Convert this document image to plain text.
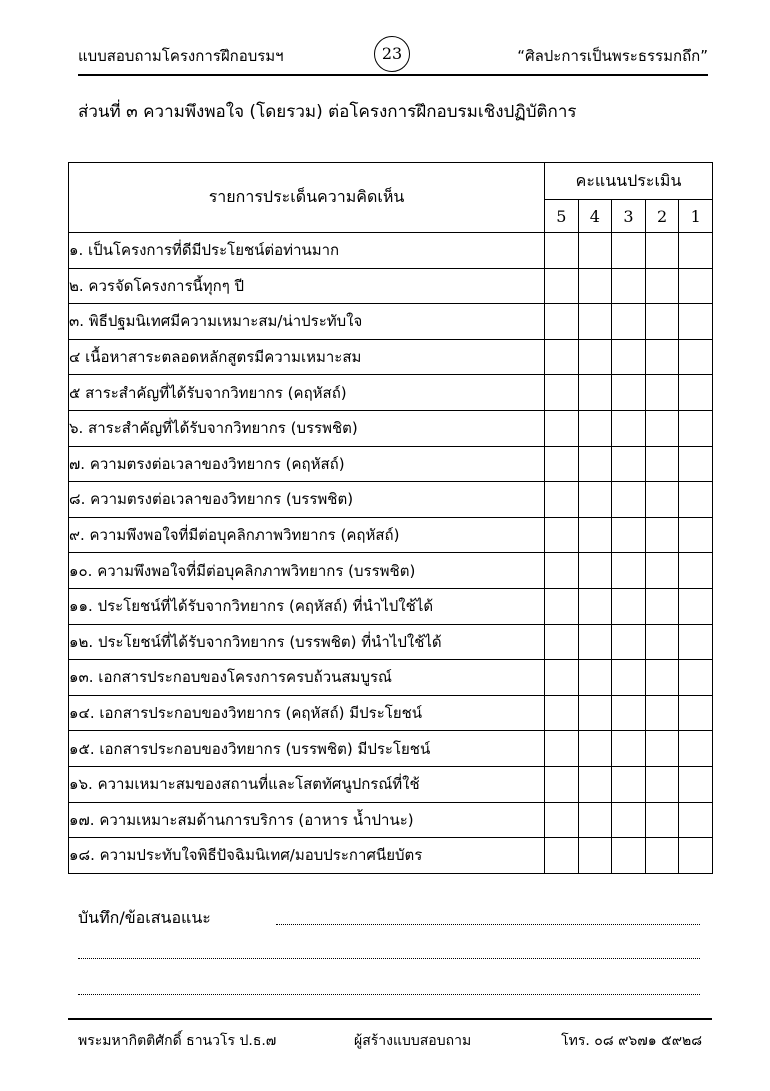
แบบสอบถามโครงการฝึกอบรมฯ	23	“ศิลปะการเป็นพระธรรมกถึก”
ส่วนที่ ๓ ความพึงพอใจ (โดยรวม) ต่อโครงการฝึกอบรมเชิงปฏิบัติการ
รายการประเด็นความคิดเห็น	คะแนนประเมิน				
	5	4	3	2	1
๑. เป็นโครงการที่ดีมีประโยชน์ต่อท่านมาก					
๒. ควรจัดโครงการนี้ทุกๆ ปี					
๓. พิธีปฐมนิเทศมีความเหมาะสม/น่าประทับใจ					
๔ เนื้อหาสาระตลอดหลักสูตรมีความเหมาะสม					
๕ สาระสำคัญที่ได้รับจากวิทยากร (คฤหัสถ์)					
๖. สาระสำคัญที่ได้รับจากวิทยากร (บรรพชิต)					
๗. ความตรงต่อเวลาของวิทยากร (คฤหัสถ์)					
๘. ความตรงต่อเวลาของวิทยากร (บรรพชิต)					
๙. ความพึงพอใจที่มีต่อบุคลิกภาพวิทยากร (คฤหัสถ์)					
๑๐. ความพึงพอใจที่มีต่อบุคลิกภาพวิทยากร (บรรพชิต)					
๑๑. ประโยชน์ที่ได้รับจากวิทยากร (คฤหัสถ์) ที่นำไปใช้ได้					
๑๒. ประโยชน์ที่ได้รับจากวิทยากร (บรรพชิต) ที่นำไปใช้ได้					
๑๓. เอกสารประกอบของโครงการครบถ้วนสมบูรณ์					
๑๔. เอกสารประกอบของวิทยากร (คฤหัสถ์) มีประโยชน์					
๑๕. เอกสารประกอบของวิทยากร (บรรพชิต) มีประโยชน์					
๑๖. ความเหมาะสมของสถานที่และโสตทัศนูปกรณ์ที่ใช้					
๑๗. ความเหมาะสมด้านการบริการ (อาหาร น้ำปานะ)					
๑๘. ความประทับใจพิธีปัจฉิมนิเทศ/มอบประกาศนียบัตร					
บันทึก/ข้อเสนอแนะ
พระมหากิตติศักดิ์ ธานวโร ป.ธ.๗	ผู้สร้างแบบสอบถาม	โทร. ๐๘ ๙๖๗๑ ๕๙๒๘
